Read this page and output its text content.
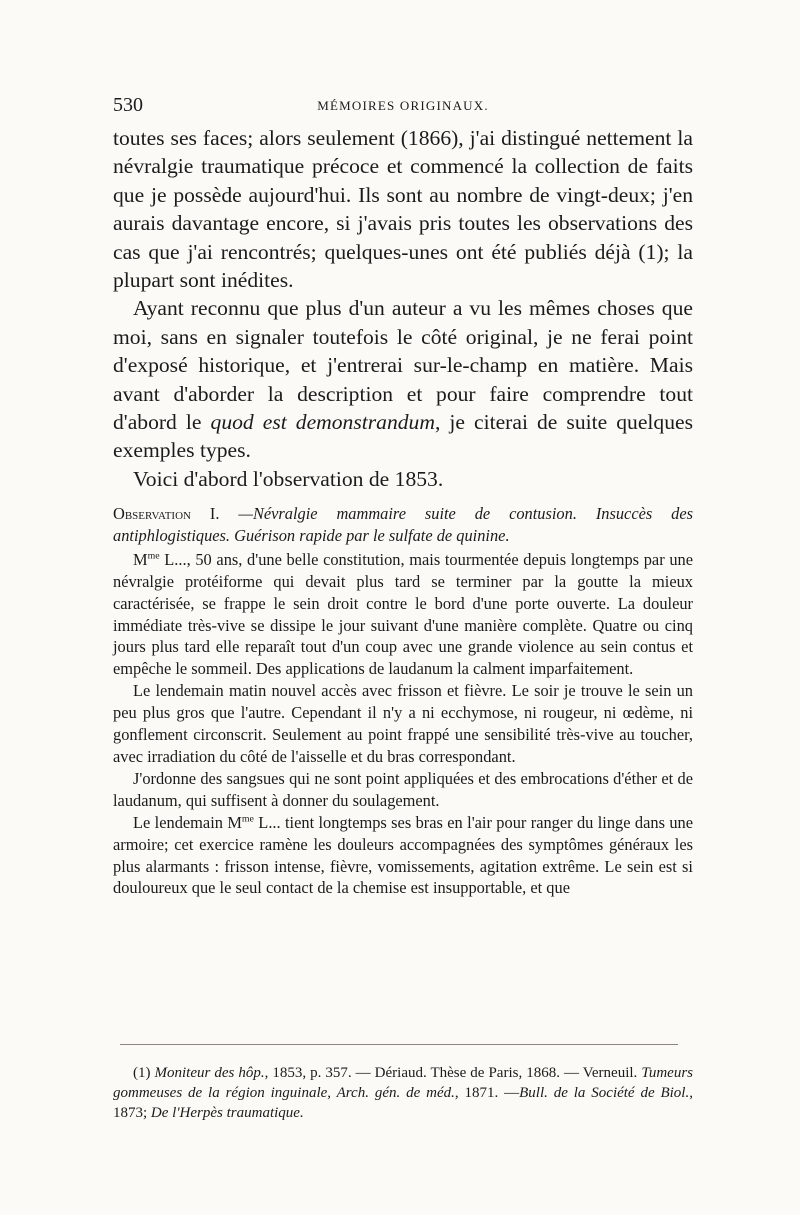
530	MÉMOIRES ORIGINAUX.

toutes ses faces; alors seulement (1866), j'ai distingué nettement la névralgie traumatique précoce et commencé la collection de faits que je possède aujourd'hui. Ils sont au nombre de vingt-deux; j'en aurais davantage encore, si j'avais pris toutes les observations des cas que j'ai rencontrés; quelques-unes ont été publiés déjà (1); la plupart sont inédites.

Ayant reconnu que plus d'un auteur a vu les mêmes choses que moi, sans en signaler toutefois le côté original, je ne ferai point d'exposé historique, et j'entrerai sur-le-champ en matière. Mais avant d'aborder la description et pour faire comprendre tout d'abord le quod est demonstrandum, je citerai de suite quelques exemples types.

Voici d'abord l'observation de 1853.

Observation I. —Névralgie mammaire suite de contusion. Insuccès des antiphlogistiques. Guérison rapide par le sulfate de quinine.

$M^{me}$ L..., 50 ans, d'une belle constitution, mais tourmentée depuis longtemps par une névralgie protéiforme qui devait plus tard se terminer par la goutte la mieux caractérisée, se frappe le sein droit contre le bord d'une porte ouverte. La douleur immédiate très-vive se dissipe le jour suivant d'une manière complète. Quatre ou cinq jours plus tard elle reparaît tout d'un coup avec une grande violence au sein contus et empêche le sommeil. Des applications de laudanum la calment imparfaitement.

Le lendemain matin nouvel accès avec frisson et fièvre. Le soir je trouve le sein un peu plus gros que l'autre. Cependant il n'y a ni ecchymose, ni rougeur, ni œdème, ni gonflement circonscrit. Seulement au point frappé une sensibilité très-vive au toucher, avec irradiation du côté de l'aisselle et du bras correspondant.

J'ordonne des sangsues qui ne sont point appliquées et des embrocations d'éther et de laudanum, qui suffisent à donner du soulagement.

Le lendemain $M^{me}$ L... tient longtemps ses bras en l'air pour ranger du linge dans une armoire; cet exercice ramène les douleurs accompagnées des symptômes généraux les plus alarmants : frisson intense, fièvre, vomissements, agitation extrême. Le sein est si douloureux que le seul contact de la chemise est insupportable, et que

(1) Moniteur des hôp., 1853, p. 357. — Dériaud. Thèse de Paris, 1868. — Verneuil. Tumeurs gommeuses de la région inguinale, Arch. gén. de méd., 1871. —Bull. de la Société de Biol., 1873; De l'Herpès traumatique.
